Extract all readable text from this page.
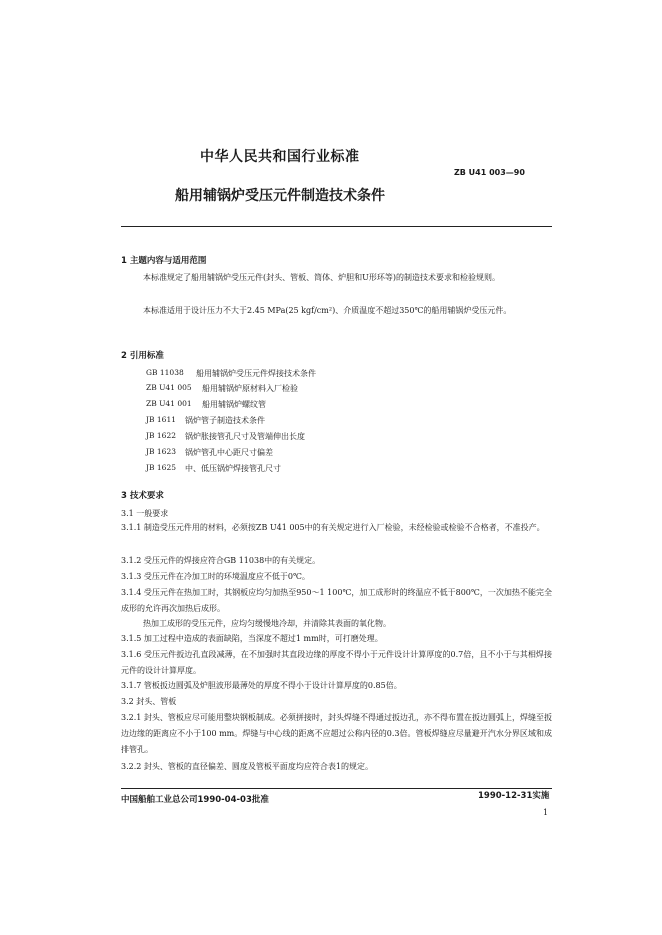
中华人民共和国行业标准
ZB U41 003—90
船用辅锅炉受压元件制造技术条件
1 主题内容与适用范围
本标准规定了船用辅锅炉受压元件(封头、管板、筒体、炉胆和U形环等)的制造技术要求和检验规则。
本标准适用于设计压力不大于2.45 MPa(25 kgf/cm²)、介质温度不超过350℃的船用辅锅炉受压元件。
2 引用标准
GB 11038 船用辅锅炉受压元件焊接技术条件
ZB U41 005 船用辅锅炉原材料入厂检验
ZB U41 001 船用辅锅炉螺纹管
JB 1611 锅炉管子制造技术条件
JB 1622 锅炉胀接管孔尺寸及管端伸出长度
JB 1623 锅炉管孔中心距尺寸偏差
JB 1625 中、低压锅炉焊接管孔尺寸
3 技术要求
3.1 一般要求
3.1.1 制造受压元件用的材料，必须按ZB U41 005中的有关规定进行入厂检验，未经检验或检验不合格者，不准投产。
3.1.2 受压元件的焊接应符合GB 11038中的有关规定。
3.1.3 受压元件在冷加工时的环境温度应不低于0℃。
3.1.4 受压元件在热加工时，其钢板应均匀加热至950～1 100℃，加工成形时的终温应不低于800℃，一次加热不能完全成形的允许再次加热后成形。
热加工成形的受压元件，应均匀缓慢地冷却，并清除其表面的氧化物。
3.1.5 加工过程中造成的表面缺陷，当深度不超过1 mm时，可打磨处理。
3.1.6 受压元件扳边孔直段减薄，在不加强时其直段边缘的厚度不得小于元件设计计算厚度的0.7倍，且不小于与其相焊接元件的设计计算厚度。
3.1.7 管板扳边圆弧及炉胆波形最薄处的厚度不得小于设计计算厚度的0.85倍。
3.2 封头、管板
3.2.1 封头、管板应尽可能用整块钢板制成。必须拼接时，封头焊缝不得通过扳边孔，亦不得布置在扳边圆弧上，焊缝至扳边边缘的距离应不小于100 mm。焊缝与中心线的距离不应超过公称内径的0.3倍。管板焊缝应尽量避开汽水分界区域和成排管孔。
3.2.2 封头、管板的直径偏差、圆度及管板平面度均应符合表1的规定。
中国船舶工业总公司1990-04-03批准	1990-12-31实施
1
